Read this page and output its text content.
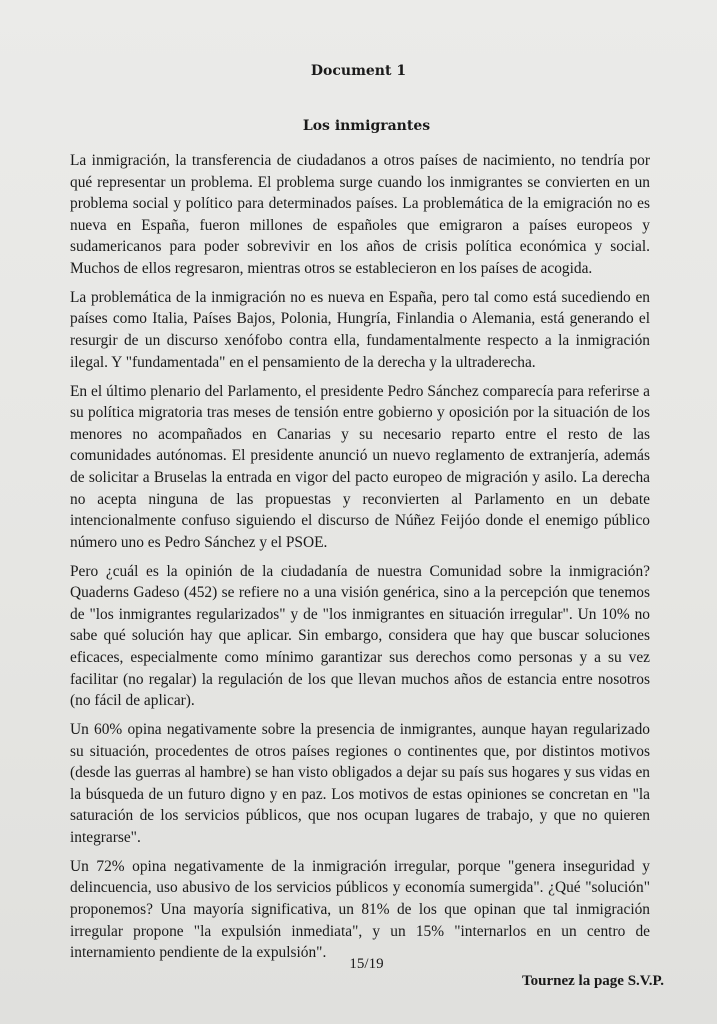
Document 1
Los inmigrantes

La inmigración, la transferencia de ciudadanos a otros países de nacimiento, no tendría por qué representar un problema. El problema surge cuando los inmigrantes se convierten en un problema social y político para determinados países. La problemática de la emigración no es nueva en España, fueron millones de españoles que emigraron a países europeos y sudamericanos para poder sobrevivir en los años de crisis política económica y social. Muchos de ellos regresaron, mientras otros se establecieron en los países de acogida.

La problemática de la inmigración no es nueva en España, pero tal como está sucediendo en países como Italia, Países Bajos, Polonia, Hungría, Finlandia o Alemania, está generando el resurgir de un discurso xenófobo contra ella, fundamentalmente respecto a la inmigración ilegal. Y "fundamentada" en el pensamiento de la derecha y la ultraderecha.

En el último plenario del Parlamento, el presidente Pedro Sánchez comparecía para referirse a su política migratoria tras meses de tensión entre gobierno y oposición por la situación de los menores no acompañados en Canarias y su necesario reparto entre el resto de las comunidades autónomas. El presidente anunció un nuevo reglamento de extranjería, además de solicitar a Bruselas la entrada en vigor del pacto europeo de migración y asilo. La derecha no acepta ninguna de las propuestas y reconvierten al Parlamento en un debate intencionalmente confuso siguiendo el discurso de Núñez Feijóo donde el enemigo público número uno es Pedro Sánchez y el PSOE.

Pero ¿cuál es la opinión de la ciudadanía de nuestra Comunidad sobre la inmigración? Quaderns Gadeso (452) se refiere no a una visión genérica, sino a la percepción que tenemos de "los inmigrantes regularizados" y de "los inmigrantes en situación irregular". Un 10% no sabe qué solución hay que aplicar. Sin embargo, considera que hay que buscar soluciones eficaces, especialmente como mínimo garantizar sus derechos como personas y a su vez facilitar (no regalar) la regulación de los que llevan muchos años de estancia entre nosotros (no fácil de aplicar).

Un 60% opina negativamente sobre la presencia de inmigrantes, aunque hayan regularizado su situación, procedentes de otros países regiones o continentes que, por distintos motivos (desde las guerras al hambre) se han visto obligados a dejar su país sus hogares y sus vidas en la búsqueda de un futuro digno y en paz. Los motivos de estas opiniones se concretan en "la saturación de los servicios públicos, que nos ocupan lugares de trabajo, y que no quieren integrarse".

Un 72% opina negativamente de la inmigración irregular, porque "genera inseguridad y delincuencia, uso abusivo de los servicios públicos y economía sumergida". ¿Qué "solución" proponemos? Una mayoría significativa, un 81% de los que opinan que tal inmigración irregular propone "la expulsión inmediata", y un 15% "internarlos en un centro de internamiento pendiente de la expulsión".

15/19
Tournez la page S.V.P.
